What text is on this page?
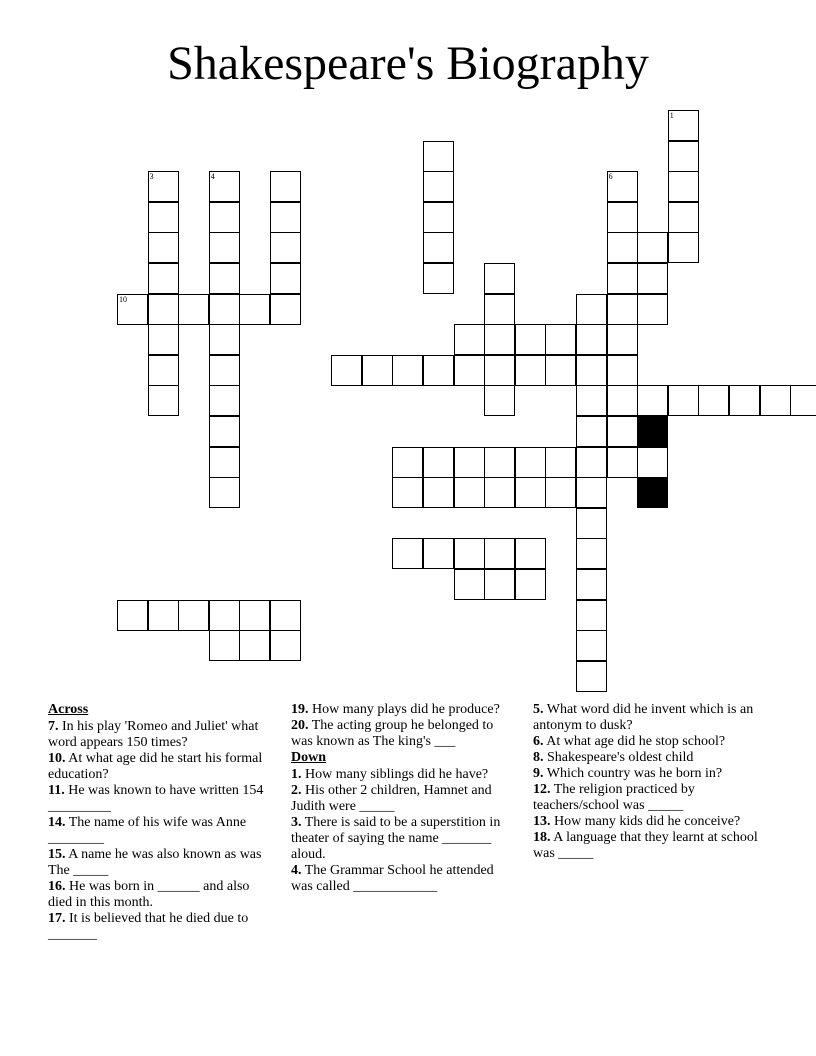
Shakespeare's Biography
1
3	4	6
10
Across
7. In his play 'Romeo and Juliet' what word appears 150 times?
10. At what age did he start his formal education?
11. He was known to have written 154 _________
14. The name of his wife was Anne ________
15. A name he was also known as was The _____
16. He was born in ______ and also died in this month.
17. It is believed that he died due to _______
19. How many plays did he produce?
20. The acting group he belonged to was known as The king's ___
Down
1. How many siblings did he have?
2. His other 2 children, Hamnet and Judith were _____
3. There is said to be a superstition in theater of saying the name _______ aloud.
4. The Grammar School he attended was called ____________
5. What word did he invent which is an antonym to dusk?
6. At what age did he stop school?
8. Shakespeare's oldest child
9. Which country was he born in?
12. The religion practiced by teachers/school was _____
13. How many kids did he conceive?
18. A language that they learnt at school was _____
